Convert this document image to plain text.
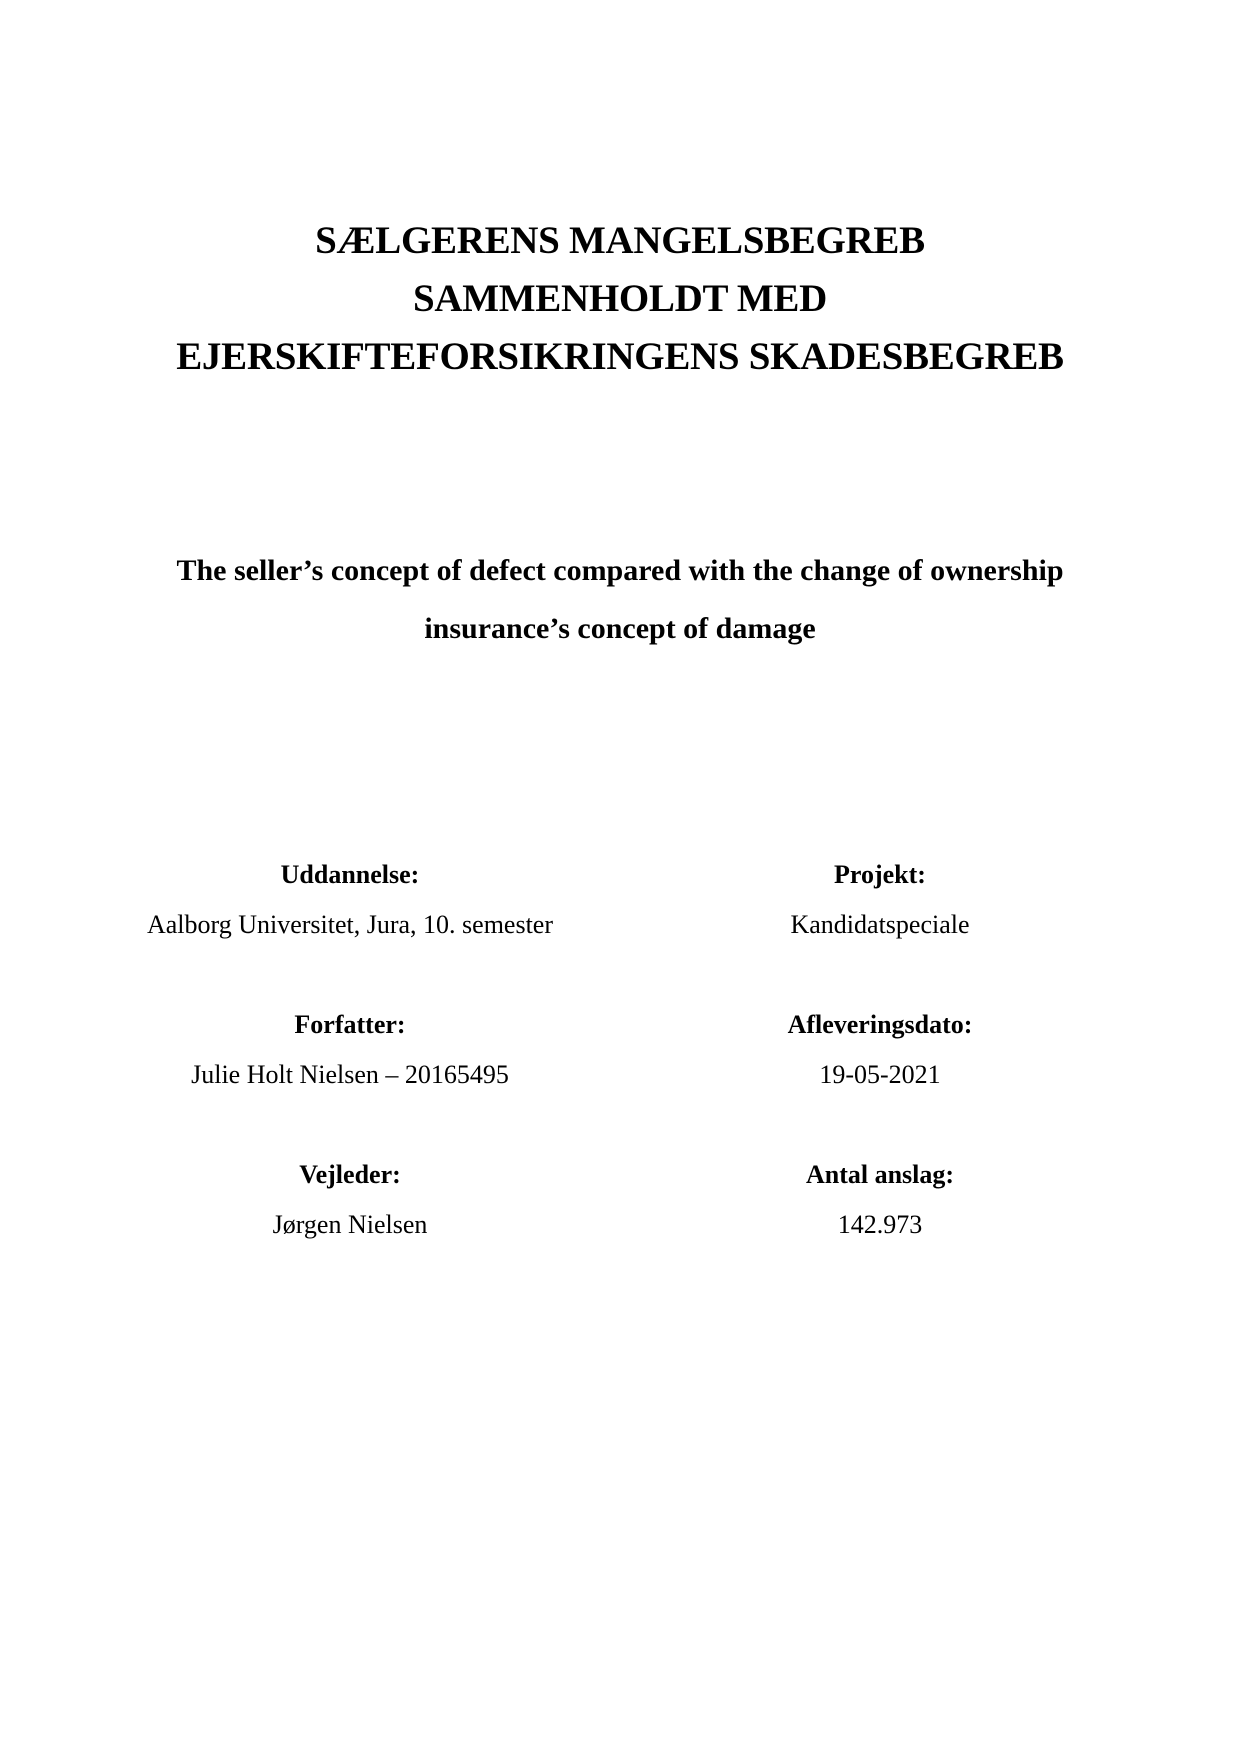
SÆLGERENS MANGELSBEGREB
SAMMENHOLDT MED
EJERSKIFTEFORSIKRINGENS SKADESBEGREB
The seller’s concept of defect compared with the change of ownership
insurance’s concept of damage
Uddannelse:
Aalborg Universitet, Jura, 10. semester
Forfatter:
Julie Holt Nielsen – 20165495
Vejleder:
Jørgen Nielsen
Projekt:
Kandidatspeciale
Afleveringsdato:
19-05-2021
Antal anslag:
142.973
